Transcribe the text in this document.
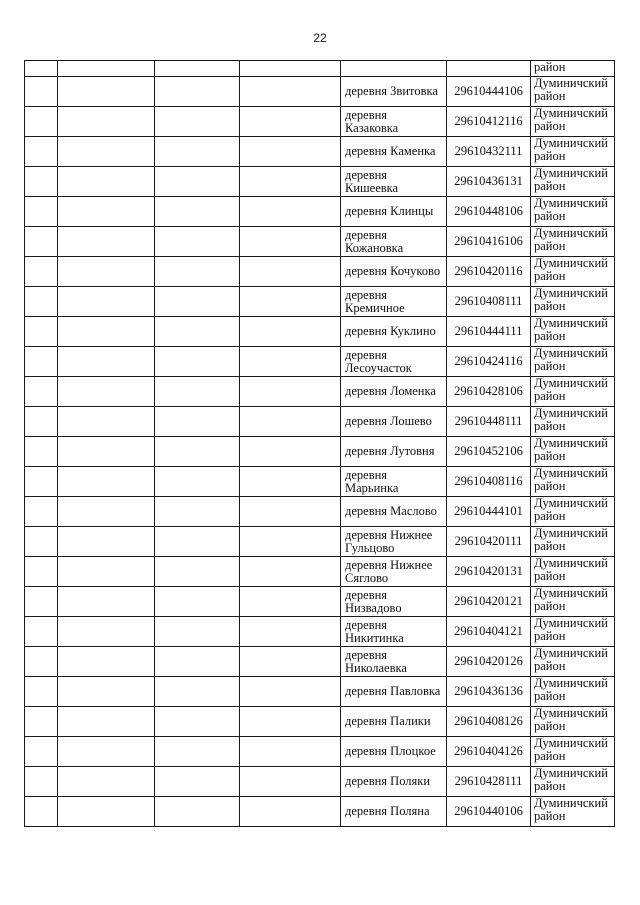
22
						район
				деревня Звитовка	29610444106	Думиничский район
				деревня Казаковка	29610412116	Думиничский район
				деревня Каменка	29610432111	Думиничский район
				деревня Кишеевка	29610436131	Думиничский район
				деревня Клинцы	29610448106	Думиничский район
				деревня Кожановка	29610416106	Думиничский район
				деревня Кочуково	29610420116	Думиничский район
				деревня Кремичное	29610408111	Думиничский район
				деревня Куклино	29610444111	Думиничский район
				деревня Лесоучасток	29610424116	Думиничский район
				деревня Ломенка	29610428106	Думиничский район
				деревня Лошево	29610448111	Думиничский район
				деревня Лутовня	29610452106	Думиничский район
				деревня Марьинка	29610408116	Думиничский район
				деревня Маслово	29610444101	Думиничский район
				деревня Нижнее Гульцово	29610420111	Думиничский район
				деревня Нижнее Сяглово	29610420131	Думиничский район
				деревня Низвадово	29610420121	Думиничский район
				деревня Никитинка	29610404121	Думиничский район
				деревня Николаевка	29610420126	Думиничский район
				деревня Павловка	29610436136	Думиничский район
				деревня Палики	29610408126	Думиничский район
				деревня Плоцкое	29610404126	Думиничский район
				деревня Поляки	29610428111	Думиничский район
				деревня Поляна	29610440106	Думиничский район
